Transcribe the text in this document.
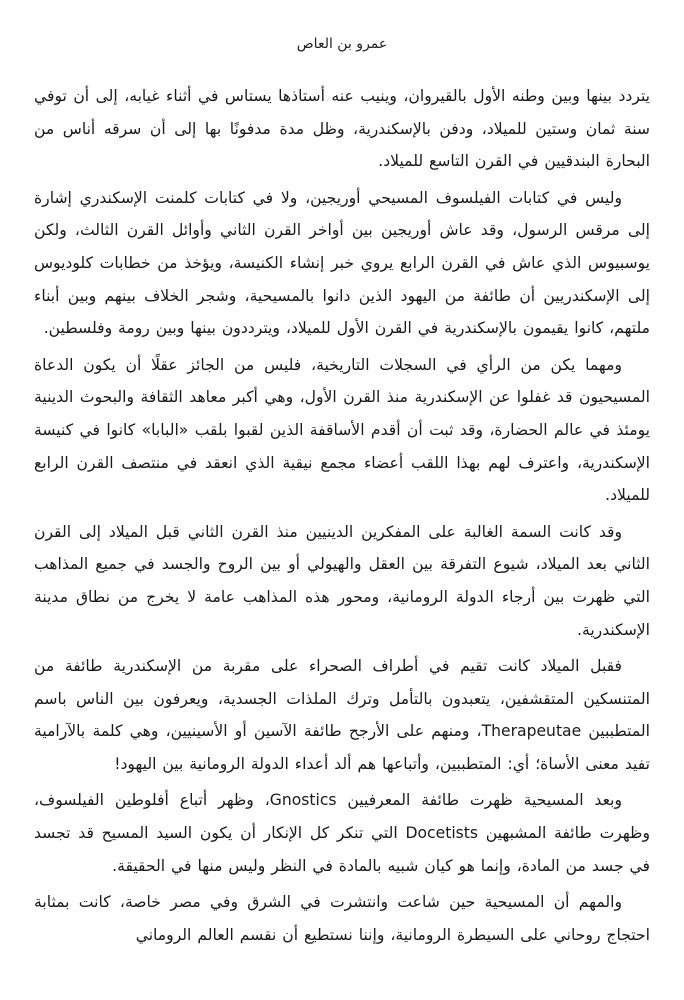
عمرو بن العاص

يتردد بينها وبين وطنه الأول بالقيروان، وينيب عنه أستاذها يستاس في أثناء غيابه، إلى أن توفي سنة ثمان وستين للميلاد، ودفن بالإسكندرية، وظل مدة مدفونًا بها إلى أن سرقه أناس من البحارة البندقيين في القرن التاسع للميلاد.

وليس في كتابات الفيلسوف المسيحي أوريجين، ولا في كتابات كلمنت الإسكندري إشارة إلى مرقس الرسول، وقد عاش أوريجين بين أواخر القرن الثاني وأوائل القرن الثالث، ولكن يوسبيوس الذي عاش في القرن الرابع يروي خبر إنشاء الكنيسة، ويؤخذ من خطابات كلوديوس إلى الإسكندريين أن طائفة من اليهود الذين دانوا بالمسيحية، وشجر الخلاف بينهم وبين أبناء ملتهم، كانوا يقيمون بالإسكندرية في القرن الأول للميلاد، ويترددون بينها وبين رومة وفلسطين.

ومهما يكن من الرأي في السجلات التاريخية، فليس من الجائز عقلًا أن يكون الدعاة المسيحيون قد غفلوا عن الإسكندرية منذ القرن الأول، وهي أكبر معاهد الثقافة والبحوث الدينية يومئذ في عالم الحضارة، وقد ثبت أن أقدم الأساقفة الذين لقبوا بلقب «البابا» كانوا في كنيسة الإسكندرية، واعترف لهم بهذا اللقب أعضاء مجمع نيقية الذي انعقد في منتصف القرن الرابع للميلاد.

وقد كانت السمة الغالبة على المفكرين الدينيين منذ القرن الثاني قبل الميلاد إلى القرن الثاني بعد الميلاد، شيوع التفرقة بين العقل والهيولي أو بين الروح والجسد في جميع المذاهب التي ظهرت بين أرجاء الدولة الرومانية، ومحور هذه المذاهب عامة لا يخرج من نطاق مدينة الإسكندرية.

فقبل الميلاد كانت تقيم في أطراف الصحراء على مقربة من الإسكندرية طائفة من المتنسكين المتقشفين، يتعبدون بالتأمل وترك الملذات الجسدية، ويعرفون بين الناس باسم المتطببين Therapeutae، ومنهم على الأرجح طائفة الآسين أو الأسينيين، وهي كلمة بالآرامية تفيد معنى الأساة؛ أي: المتطببين، وأتباعها هم ألد أعداء الدولة الرومانية بين اليهود!

وبعد المسيحية ظهرت طائفة المعرفيين Gnostics، وظهر أتباع أفلوطين الفيلسوف، وظهرت طائفة المشبهين Docetists التي تنكر كل الإنكار أن يكون السيد المسيح قد تجسد في جسد من المادة، وإنما هو كيان شبيه بالمادة في النظر وليس منها في الحقيقة.

والمهم أن المسيحية حين شاعت وانتشرت في الشرق وفي مصر خاصة، كانت بمثابة احتجاج روحاني على السيطرة الرومانية، وإننا نستطيع أن نقسم العالم الروماني
